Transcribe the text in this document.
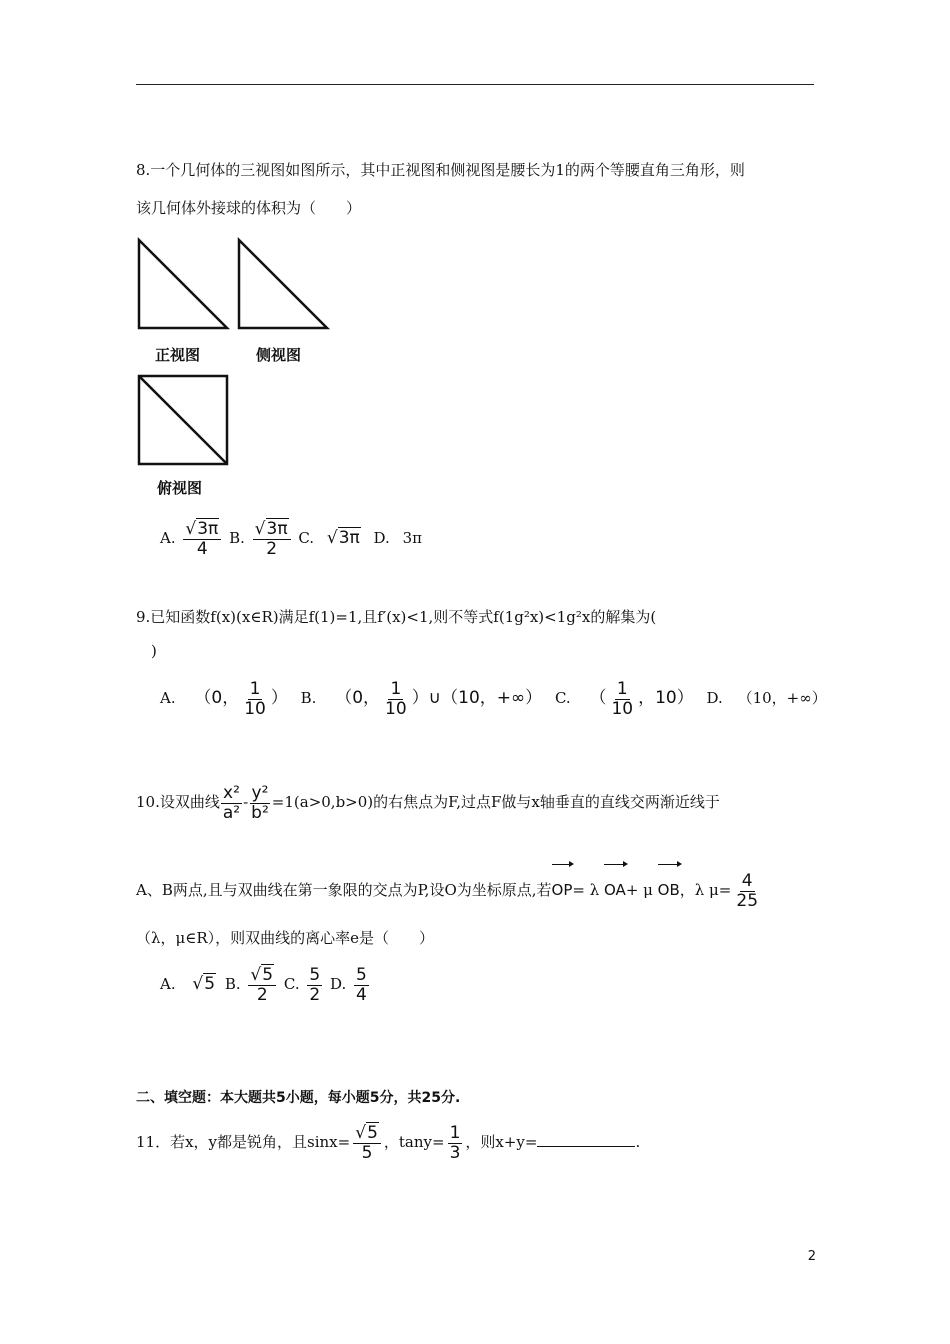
8.一个几何体的三视图如图所示，其中正视图和侧视图是腰长为1的两个等腰直角三角形，则
该几何体外接球的体积为（　　）
正视图	侧视图
俯视图
A. $\frac{√3\pi}{4} B$. $\frac{√3\pi}{2} C$. √3π D. 3π
9.已知函数f(x)(x∈R)满足f(1)=1,且f′(x)<1,则不等式f(1g²x)<1g²x的解集为(
)
A. （0， $\frac{1}{10}$ ） B. （0， $\frac{1}{10}$ ）∪（10，+∞） C. （ $\frac{1}{10}$ ，10） D. （10，+∞）
10.设双曲线 $\frac{\text{x²}}{\text{a²}} - \frac{\text{y²}}{\text{b²}} =1(a>0,b>0)$的右焦点为F,过点F做与x轴垂直的直线交两渐近线于
A、B两点,且与双曲线在第一象限的交点为P,设O为坐标原点,若OP= λ OA+ μ OB，λ $\mu= \frac{4}{25}$
（λ，μ∈R），则双曲线的离心率e是（　　）
A. √5 B. $\frac{√5}{2} C$. $\frac{5}{2} D$. $\frac{5}{4}$
二、填空题：本大题共5小题，每小题5分，共25分.
11．若x，y都是锐角，且$\sin x= \frac{√5}{5}$ ，$\tan y= \frac{1}{3}$ ，则x+y=	.
2
